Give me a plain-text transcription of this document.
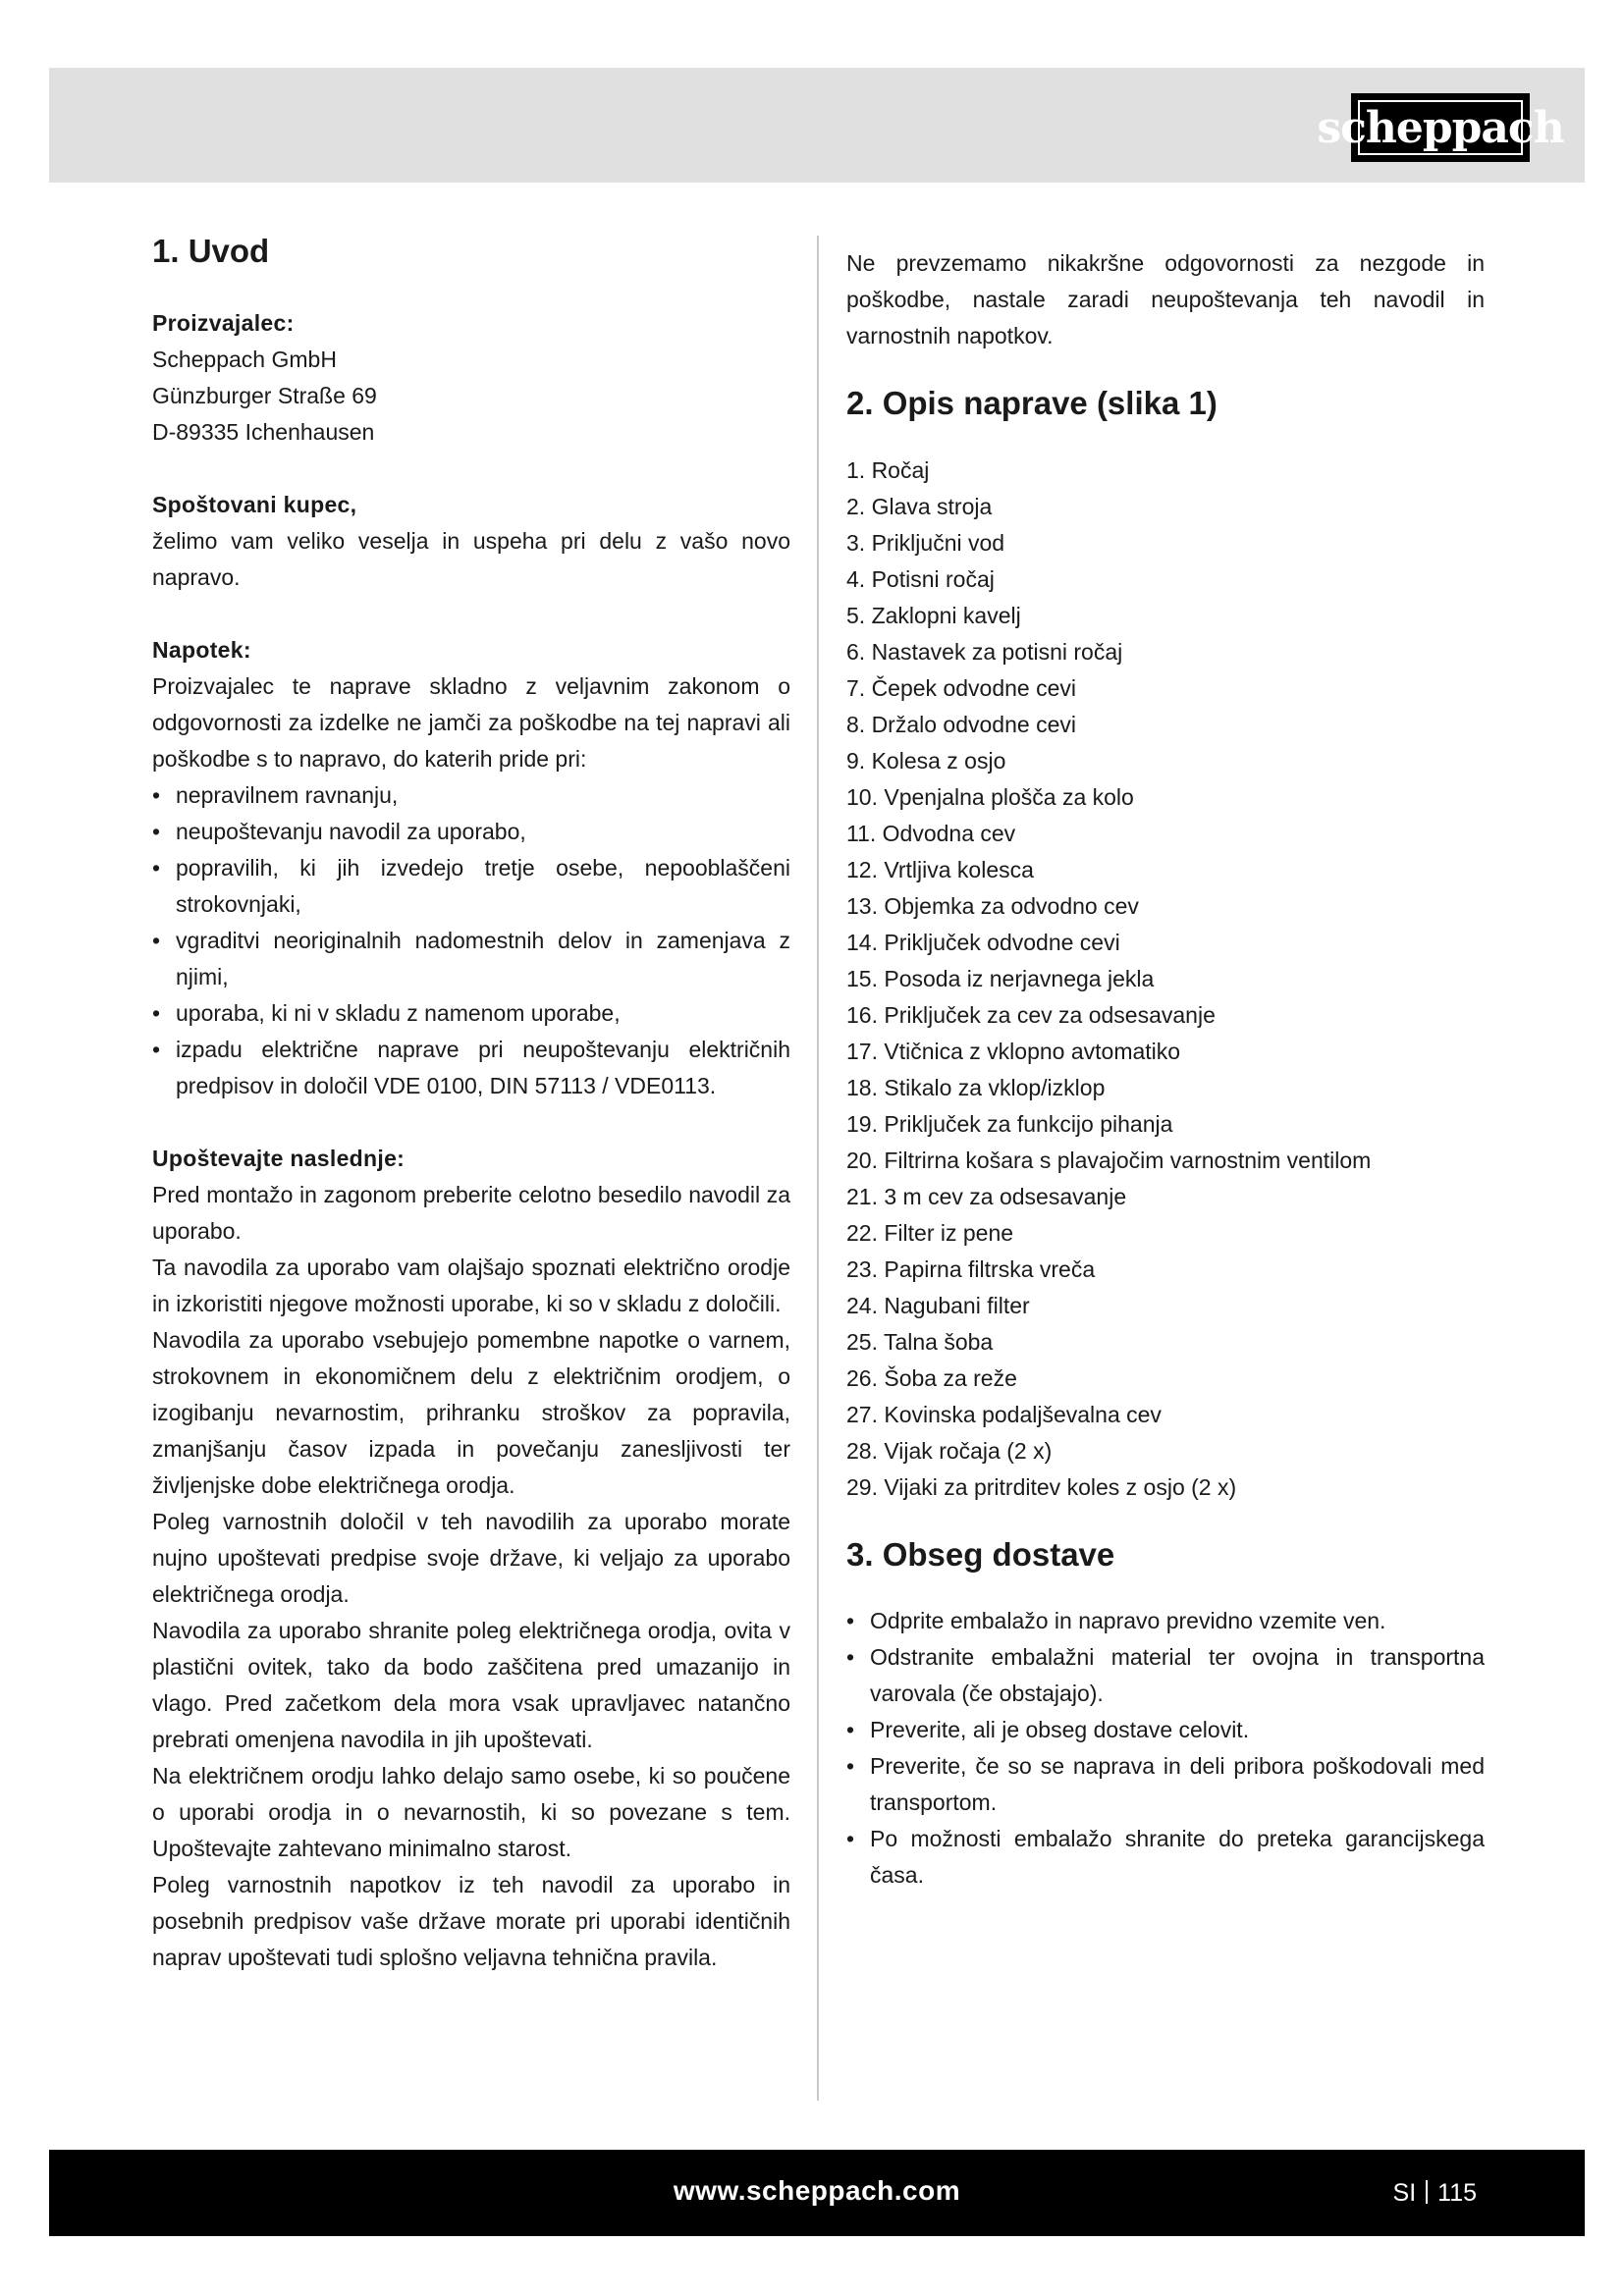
scheppach
1. Uvod

Proizvajalec:

Scheppach GmbH

Günzburger Straße 69

D-89335 Ichenhausen

Spoštovani kupec,

želimo vam veliko veselja in uspeha pri delu z vašo novo napravo.

Napotek:

Proizvajalec te naprave skladno z veljavnim zakonom o odgovornosti za izdelke ne jamči za poškodbe na tej napravi ali poškodbe s to napravo, do katerih pride pri:

• nepravilnem ravnanju,
• neupoštevanju navodil za uporabo,
• popravilih, ki jih izvedejo tretje osebe, nepooblaščeni strokovnjaki,
• vgraditvi neoriginalnih nadomestnih delov in zamenjava z njimi,
• uporaba, ki ni v skladu z namenom uporabe,
• izpadu električne naprave pri neupoštevanju električnih predpisov in določil VDE 0100, DIN 57113 / VDE0113.

Upoštevajte naslednje:

Pred montažo in zagonom preberite celotno besedilo navodil za uporabo.

Ta navodila za uporabo vam olajšajo spoznati električno orodje in izkoristiti njegove možnosti uporabe, ki so v skladu z določili.

Navodila za uporabo vsebujejo pomembne napotke o varnem, strokovnem in ekonomičnem delu z električnim orodjem, o izogibanju nevarnostim, prihranku stroškov za popravila, zmanjšanju časov izpada in povečanju zanesljivosti ter življenjske dobe električnega orodja.

Poleg varnostnih določil v teh navodilih za uporabo morate nujno upoštevati predpise svoje države, ki veljajo za uporabo električnega orodja.

Navodila za uporabo shranite poleg električnega orodja, ovita v plastični ovitek, tako da bodo zaščitena pred umazanijo in vlago. Pred začetkom dela mora vsak upravljavec natančno prebrati omenjena navodila in jih upoštevati.

Na električnem orodju lahko delajo samo osebe, ki so poučene o uporabi orodja in o nevarnostih, ki so povezane s tem. Upoštevajte zahtevano minimalno starost.

Poleg varnostnih napotkov iz teh navodil za uporabo in posebnih predpisov vaše države morate pri uporabi identičnih naprav upoštevati tudi splošno veljavna tehnična pravila.

Ne prevzemamo nikakršne odgovornosti za nezgode in poškodbe, nastale zaradi neupoštevanja teh navodil in varnostnih napotkov.

2. Opis naprave (slika 1)
1. Ročaj
2. Glava stroja
3. Priključni vod
4. Potisni ročaj
5. Zaklopni kavelj
6. Nastavek za potisni ročaj
7. Čepek odvodne cevi
8. Držalo odvodne cevi
9. Kolesa z osjo
10. Vpenjalna plošča za kolo
11. Odvodna cev
12. Vrtljiva kolesca
13. Objemka za odvodno cev
14. Priključek odvodne cevi
15. Posoda iz nerjavnega jekla
16. Priključek za cev za odsesavanje
17. Vtičnica z vklopno avtomatiko
18. Stikalo za vklop/izklop
19. Priključek za funkcijo pihanja
20. Filtrirna košara s plavajočim varnostnim ventilom
21. 3 m cev za odsesavanje
22. Filter iz pene
23. Papirna filtrska vreča
24. Nagubani filter
25. Talna šoba
26. Šoba za reže
27. Kovinska podaljševalna cev
28. Vijak ročaja (2 x)
29. Vijaki za pritrditev koles z osjo (2 x)
3. Obseg dostave
• Odprite embalažo in napravo previdno vzemite ven.
• Odstranite embalažni material ter ovojna in transportna varovala (če obstajajo).
• Preverite, ali je obseg dostave celovit.
• Preverite, če so se naprava in deli pribora poškodovali med transportom.
• Po možnosti embalažo shranite do preteka garancijskega časa.
www.scheppach.com	SI 115
